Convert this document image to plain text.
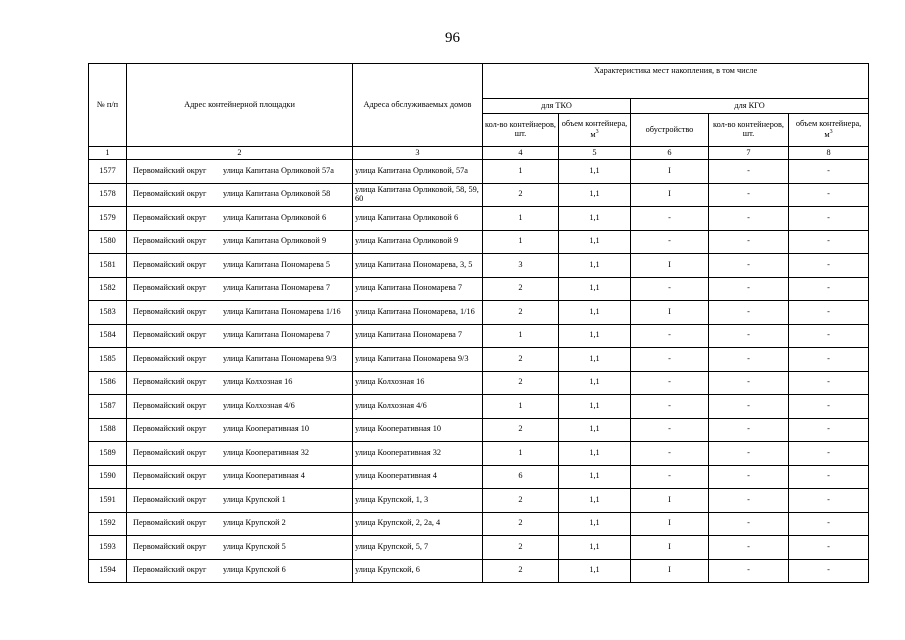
96
№ п/п	Адрес контейнерной площадки	Адреса обслуживаемых домов	Характеристика мест накопления, в том числе				
			для ТКО		для КГО		
			кол-во контейнеров, шт.	объем контейнера, $м^3$	обустройство	кол-во контейнеров, шт.	объем контейнера, $м^3$
1	2	3	4	5	6	7	8
1577	Первомайский округ улица Капитана Орликовой 57а	улица Капитана Орликовой, 57а	1	1,1	I	-	-
1578	Первомайский округ улица Капитана Орликовой 58	улица Капитана Орликовой, 58, 59, 60	2	1,1	I	-	-
1579	Первомайский округ улица Капитана Орликовой 6	улица Капитана Орликовой 6	1	1,1	-	-	-
1580	Первомайский округ улица Капитана Орликовой 9	улица Капитана Орликовой 9	1	1,1	-	-	-
1581	Первомайский округ улица Капитана Пономарева 5	улица Капитана Пономарева, 3, 5	3	1,1	I	-	-
1582	Первомайский округ улица Капитана Пономарева 7	улица Капитана Пономарева 7	2	1,1	-	-	-
1583	Первомайский округ улица Капитана Пономарева 1/16	улица Капитана Пономарева, 1/16	2	1,1	I	-	-
1584	Первомайский округ улица Капитана Пономарева 7	улица Капитана Пономарева 7	1	1,1	-	-	-
1585	Первомайский округ улица Капитана Пономарева 9/3	улица Капитана Пономарева 9/3	2	1,1	-	-	-
1586	Первомайский округ улица Колхозная 16	улица Колхозная 16	2	1,1	-	-	-
1587	Первомайский округ улица Колхозная 4/6	улица Колхозная 4/6	1	1,1	-	-	-
1588	Первомайский округ улица Кооперативная 10	улица Кооперативная 10	2	1,1	-	-	-
1589	Первомайский округ улица Кооперативная 32	улица Кооперативная 32	1	1,1	-	-	-
1590	Первомайский округ улица Кооперативная 4	улица Кооперативная 4	6	1,1	-	-	-
1591	Первомайский округ улица Крупской 1	улица Крупской, 1, 3	2	1,1	I	-	-
1592	Первомайский округ улица Крупской 2	улица Крупской, 2, 2а, 4	2	1,1	I	-	-
1593	Первомайский округ улица Крупской 5	улица Крупской, 5, 7	2	1,1	I	-	-
1594	Первомайский округ улица Крупской 6	улица Крупской, 6	2	1,1	I	-	-
